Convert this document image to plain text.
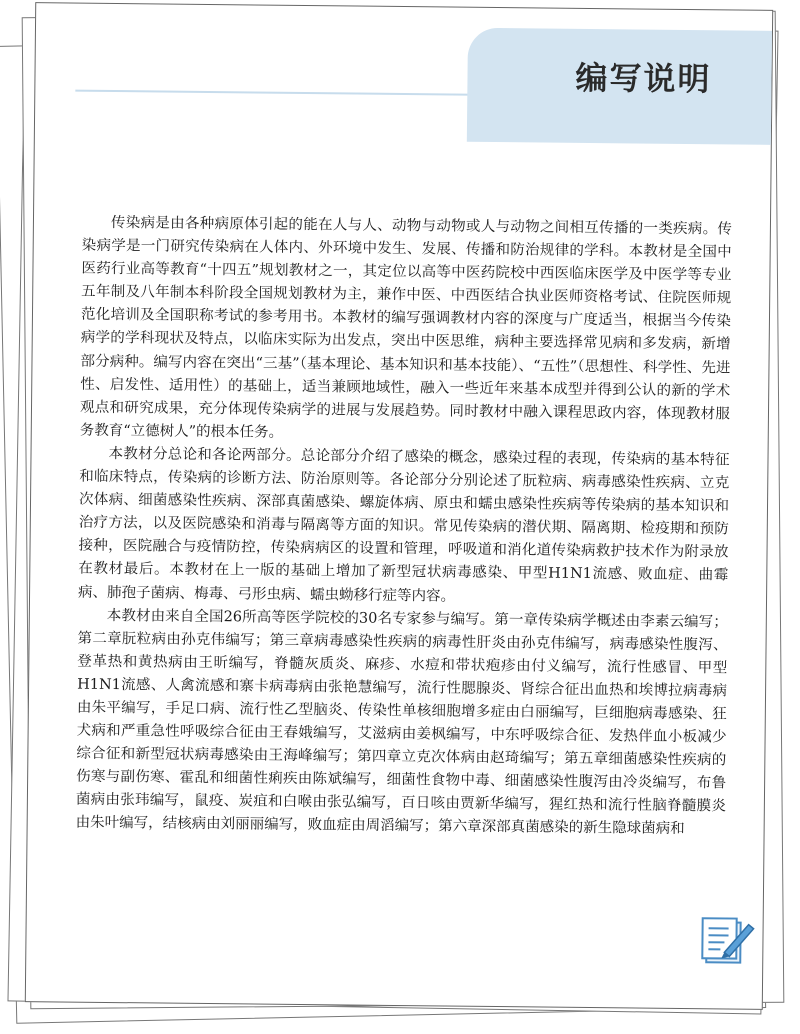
编写说明

传染病是由各种病原体引起的能在人与人、动物与动物或人与动物之间相互传播的一类疾病。传染病学是一门研究传染病在人体内、外环境中发生、发展、传播和防治规律的学科。本教材是全国中医药行业高等教育“十四五”规划教材之一，其定位以高等中医药院校中西医临床医学及中医学等专业五年制及八年制本科阶段全国规划教材为主，兼作中医、中西医结合执业医师资格考试、住院医师规范化培训及全国职称考试的参考用书。本教材的编写强调教材内容的深度与广度适当，根据当今传染病学的学科现状及特点，以临床实际为出发点，突出中医思维，病种主要选择常见病和多发病，新增部分病种。编写内容在突出“三基”（基本理论、基本知识和基本技能）、“五性”（思想性、科学性、先进性、启发性、适用性）的基础上，适当兼顾地域性，融入一些近年来基本成型并得到公认的新的学术观点和研究成果，充分体现传染病学的进展与发展趋势。同时教材中融入课程思政内容，体现教材服务教育“立德树人”的根本任务。

本教材分总论和各论两部分。总论部分介绍了感染的概念，感染过程的表现，传染病的基本特征和临床特点，传染病的诊断方法、防治原则等。各论部分分别论述了朊粒病、病毒感染性疾病、立克次体病、细菌感染性疾病、深部真菌感染、螺旋体病、原虫和蠕虫感染性疾病等传染病的基本知识和治疗方法，以及医院感染和消毒与隔离等方面的知识。常见传染病的潜伏期、隔离期、检疫期和预防接种，医院融合与疫情防控，传染病病区的设置和管理，呼吸道和消化道传染病救护技术作为附录放在教材最后。本教材在上一版的基础上增加了新型冠状病毒感染、甲型H1N1流感、败血症、曲霉病、肺孢子菌病、梅毒、弓形虫病、蠕虫蚴移行症等内容。

本教材由来自全国26所高等医学院校的30名专家参与编写。第一章传染病学概述由李素云编写；第二章朊粒病由孙克伟编写；第三章病毒感染性疾病的病毒性肝炎由孙克伟编写，病毒感染性腹泻、登革热和黄热病由王昕编写，脊髓灰质炎、麻疹、水痘和带状疱疹由付义编写，流行性感冒、甲型H1N1流感、人禽流感和寨卡病毒病由张艳慧编写，流行性腮腺炎、肾综合征出血热和埃博拉病毒病由朱平编写，手足口病、流行性乙型脑炎、传染性单核细胞增多症由白丽编写，巨细胞病毒感染、狂犬病和严重急性呼吸综合征由王春娥编写，艾滋病由姜枫编写，中东呼吸综合征、发热伴血小板减少综合征和新型冠状病毒感染由王海峰编写；第四章立克次体病由赵琦编写；第五章细菌感染性疾病的伤寒与副伤寒、霍乱和细菌性痢疾由陈斌编写，细菌性食物中毒、细菌感染性腹泻由冷炎编写，布鲁菌病由张玮编写，鼠疫、炭疽和白喉由张弘编写，百日咳由贾新华编写，猩红热和流行性脑脊髓膜炎由朱叶编写，结核病由刘丽丽编写，败血症由周滔编写；第六章深部真菌感染的新生隐球菌病和
